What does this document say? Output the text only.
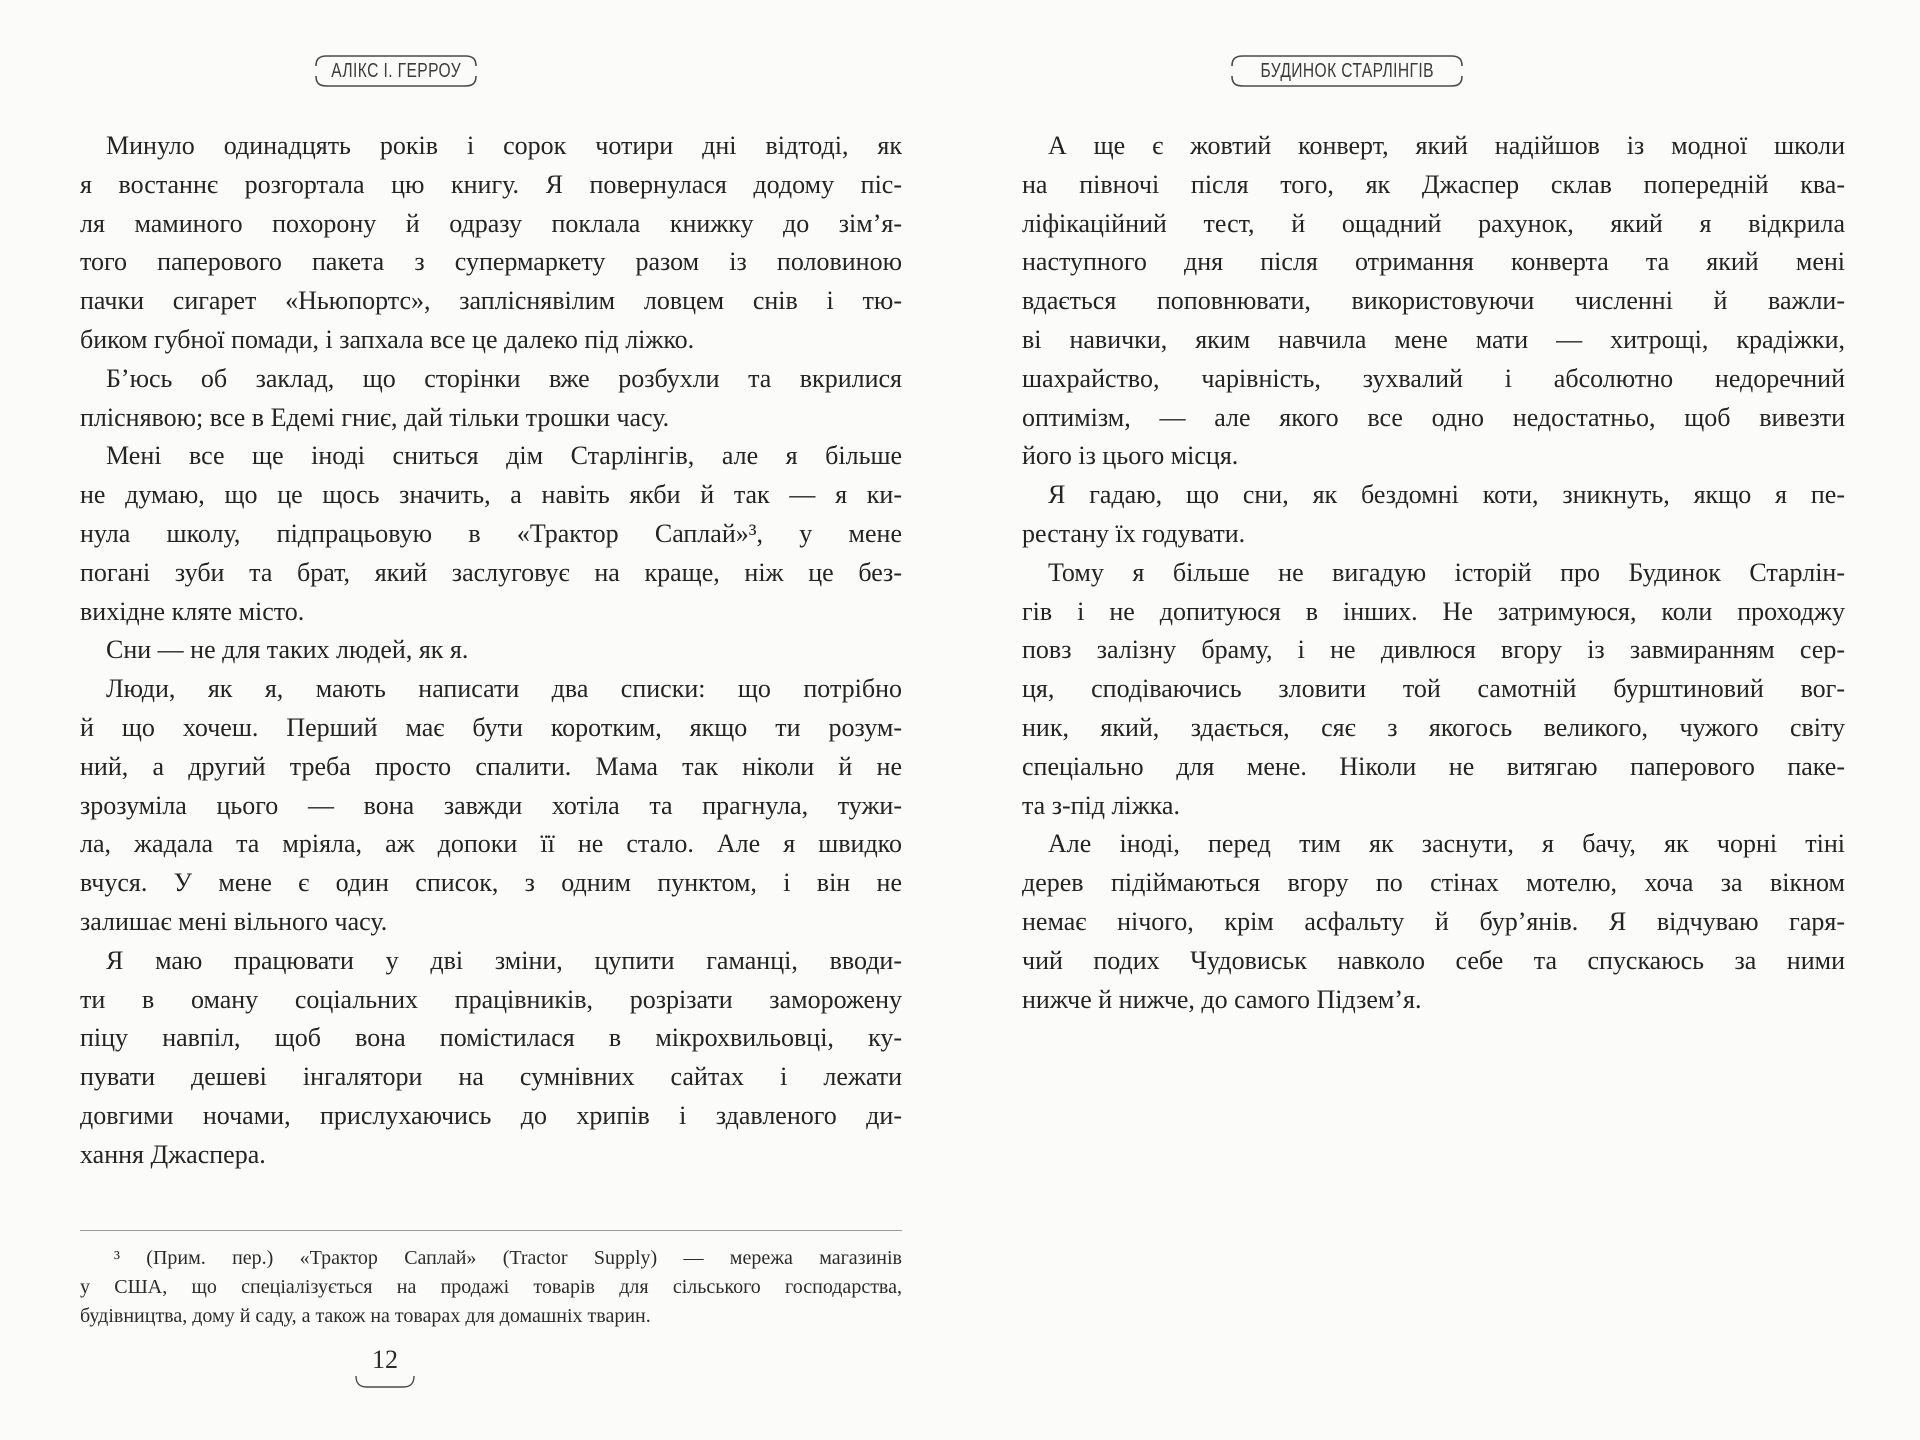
АЛІКС І. ГЕРРОУ
Минуло одинадцять років і сорок чотири дні відтоді, як
я востаннє розгортала цю книгу. Я повернулася додому піс-
ля маминого похорону й одразу поклала книжку до зім’я-
того паперового пакета з супермаркету разом із половиною
пачки сигарет «Ньюпортс», запліснявілим ловцем снів і тю-
биком губної помади, і запхала все це далеко під ліжко.
Б’юсь об заклад, що сторінки вже розбухли та вкрилися
пліснявою; все в Едемі гниє, дай тільки трошки часу.
Мені все ще іноді сниться дім Старлінгів, але я більше
не думаю, що це щось значить, а навіть якби й так — я ки-
нула школу, підпрацьовую в «Трактор Саплай»³, у мене
погані зуби та брат, який заслуговує на краще, ніж це без-
вихідне кляте місто.
Сни — не для таких людей, як я.
Люди, як я, мають написати два списки: що потрібно
й що хочеш. Перший має бути коротким, якщо ти розум-
ний, а другий треба просто спалити. Мама так ніколи й не
зрозуміла цього — вона завжди хотіла та прагнула, тужи-
ла, жадала та мріяла, аж допоки її не стало. Але я швидко
вчуся. У мене є один список, з одним пунктом, і він не
залишає мені вільного часу.
Я маю працювати у дві зміни, цупити гаманці, вводи-
ти в оману соціальних працівників, розрізати заморожену
піцу навпіл, щоб вона помістилася в мікрохвильовці, ку-
пувати дешеві інгалятори на сумнівних сайтах і лежати
довгими ночами, прислухаючись до хрипів і здавленого ди-
хання Джаспера.
³ (Прим. пер.) «Трактор Саплай» (Tractor Supply) — мережа магазинів
у США, що спеціалізується на продажі товарів для сільського господарства,
будівництва, дому й саду, а також на товарах для домашніх тварин.
12
БУДИНОК СТАРЛІНГІВ
А ще є жовтий конверт, який надійшов із модної школи
на півночі після того, як Джаспер склав попередній ква-
ліфікаційний тест, й ощадний рахунок, який я відкрила
наступного дня після отримання конверта та який мені
вдається поповнювати, використовуючи численні й важли-
ві навички, яким навчила мене мати — хитрощі, крадіжки,
шахрайство, чарівність, зухвалий і абсолютно недоречний
оптимізм, — але якого все одно недостатньо, щоб вивезти
його із цього місця.
Я гадаю, що сни, як бездомні коти, зникнуть, якщо я пе-
рестану їх годувати.
Тому я більше не вигадую історій про Будинок Старлін-
гів і не допитуюся в інших. Не затримуюся, коли проходжу
повз залізну браму, і не дивлюся вгору із завмиранням сер-
ця, сподіваючись зловити той самотній бурштиновий вог-
ник, який, здається, сяє з якогось великого, чужого світу
спеціально для мене. Ніколи не витягаю паперового паке-
та з-під ліжка.
Але іноді, перед тим як заснути, я бачу, як чорні тіні
дерев підіймаються вгору по стінах мотелю, хоча за вікном
немає нічого, крім асфальту й бур’янів. Я відчуваю гаря-
чий подих Чудовиськ навколо себе та спускаюсь за ними
нижче й нижче, до самого Підзем’я.
